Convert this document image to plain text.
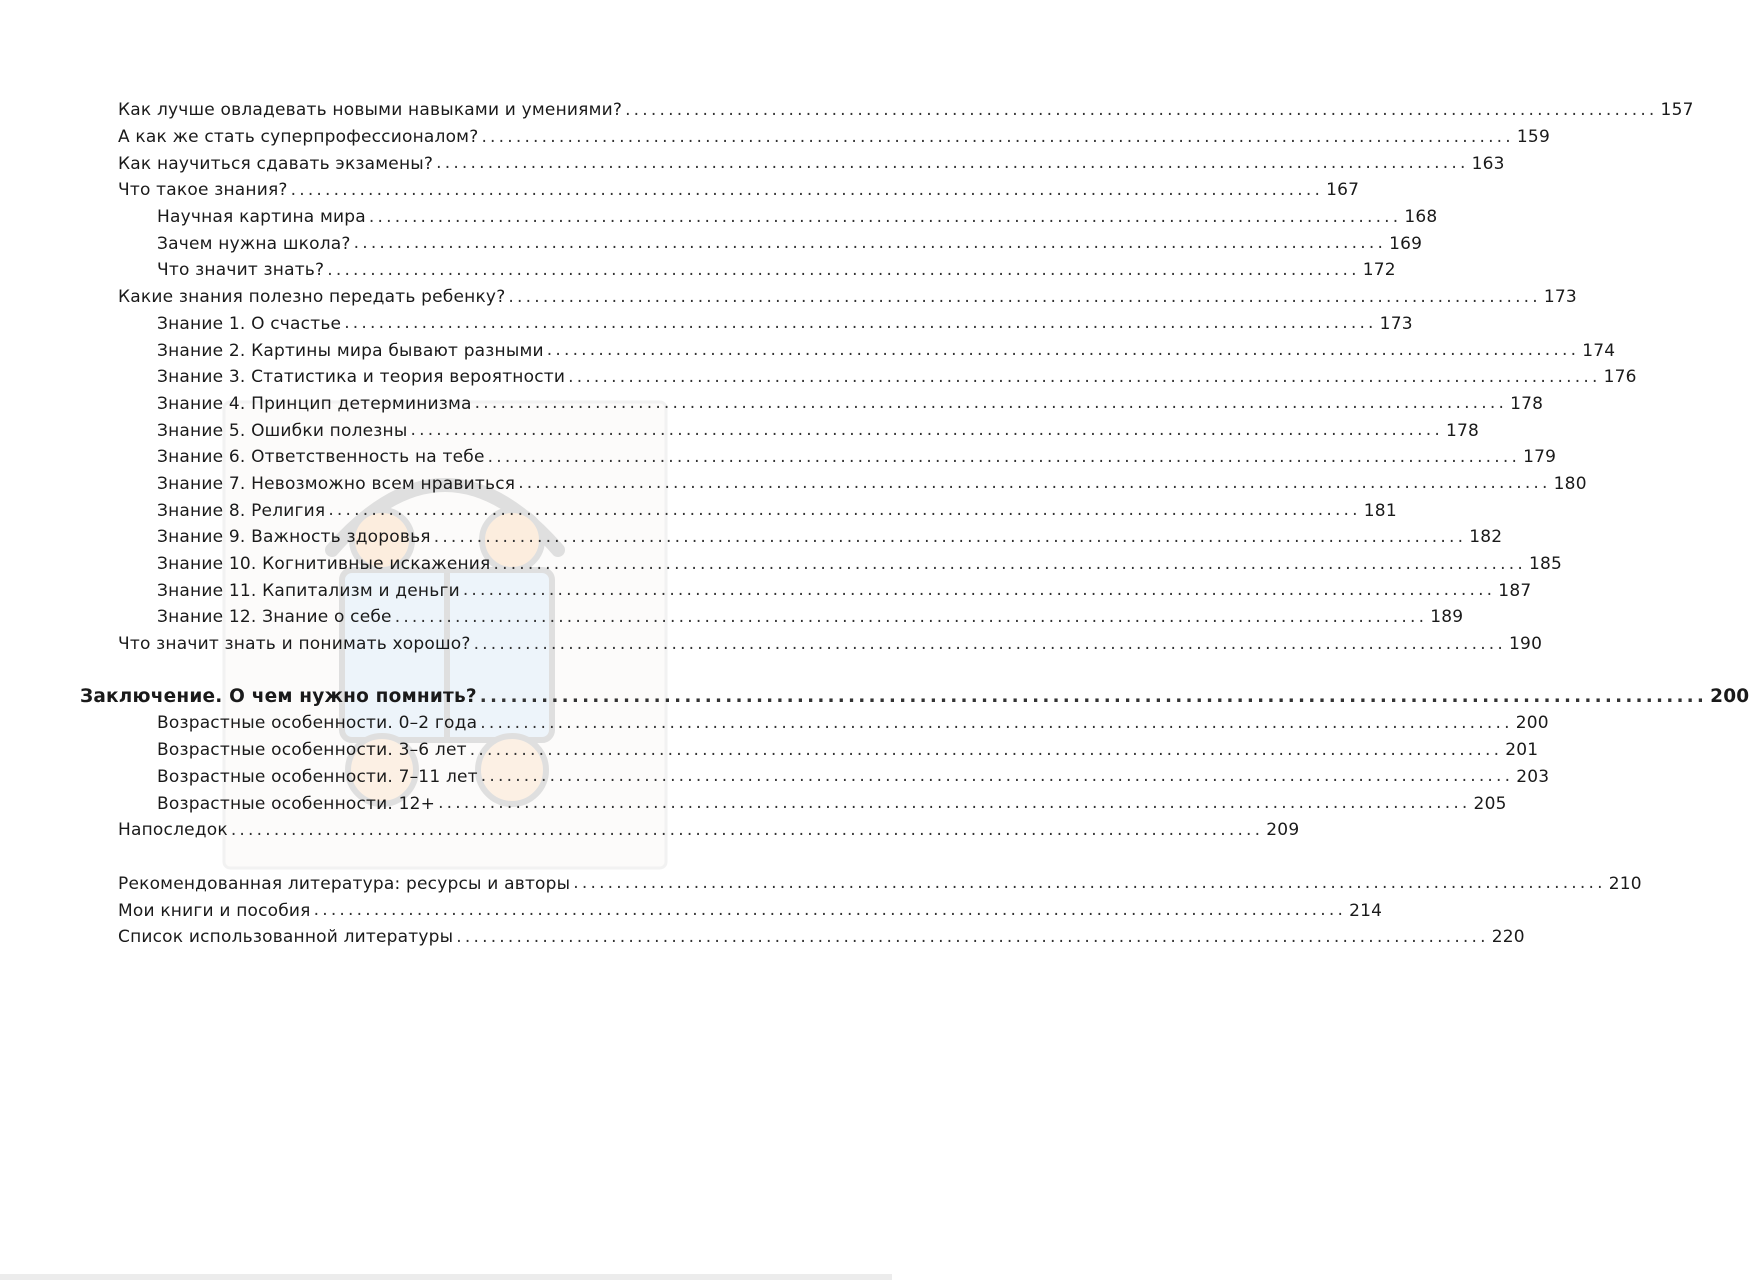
Как лучше овладевать новыми навыками и умениями? ........................................................................................................................ 157
А как же стать суперпрофессионалом? ........................................................................................................................ 159
Как научиться сдавать экзамены? ........................................................................................................................ 163
Что такое знания? ........................................................................................................................ 167
Научная картина мира ........................................................................................................................ 168
Зачем нужна школа? ........................................................................................................................ 169
Что значит знать? ........................................................................................................................ 172
Какие знания полезно передать ребенку? ........................................................................................................................ 173
Знание 1. О счастье ........................................................................................................................ 173
Знание 2. Картины мира бывают разными ........................................................................................................................ 174
Знание 3. Статистика и теория вероятности ........................................................................................................................ 176
Знание 4. Принцип детерминизма ........................................................................................................................ 178
Знание 5. Ошибки полезны ........................................................................................................................ 178
Знание 6. Ответственность на тебе ........................................................................................................................ 179
Знание 7. Невозможно всем нравиться ........................................................................................................................ 180
Знание 8. Религия ........................................................................................................................ 181
Знание 9. Важность здоровья ........................................................................................................................ 182
Знание 10. Когнитивные искажения ........................................................................................................................ 185
Знание 11. Капитализм и деньги ........................................................................................................................ 187
Знание 12. Знание о себе ........................................................................................................................ 189
Что значит знать и понимать хорошо? ........................................................................................................................ 190
Заключение. О чем нужно помнить? ........................................................................................................................ 200
Возрастные особенности. 0–2 года ........................................................................................................................ 200
Возрастные особенности. 3–6 лет ........................................................................................................................ 201
Возрастные особенности. 7–11 лет ........................................................................................................................ 203
Возрастные особенности. 12+ ........................................................................................................................ 205
Напоследок ........................................................................................................................ 209
Рекомендованная литература: ресурсы и авторы ........................................................................................................................ 210
Мои книги и пособия ........................................................................................................................ 214
Список использованной литературы ........................................................................................................................ 220
